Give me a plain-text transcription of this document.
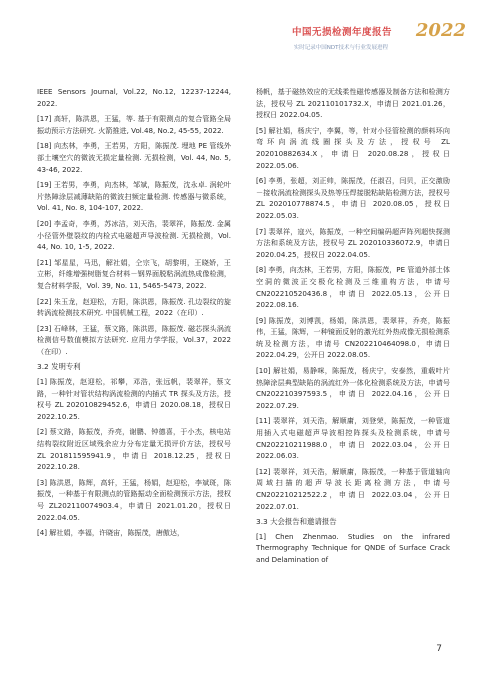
中国无损检测年度报告
实时记录中国NDT技术与行业发展进程
2022

IEEE Sensors Journal, Vol.22, No.12, 12237-12244, 2022.

[17] 高轩，陈洪恩，王猛，等. 基于有限测点的复合管路全局振动预示方法研究. 火箭推进, Vol.48, No.2, 45-55, 2022.

[18] 向杰林，李勇，王若男，方阳，陈振茂. 埋地 PE 管线外部土壤空穴的微波无损定量检测. 无损检测，Vol. 44, No. 5, 43-46, 2022.

[19] 王若男，李勇，向杰林，邹斌，陈振茂，沈永卓. 涡轮叶片热障涂层减薄缺陷的微波扫频定量检测. 传感器与微系统，Vol. 41, No. 8, 104-107, 2022.

[20] 李孟奇，李勇，苏冰洁，刘天浩，裴翠祥，陈振茂. 金属小径管外壁裂纹的内检式电磁超声导波检测. 无损检测，Vol. 44, No. 10, 1-5, 2022.

[21] 邹星星，马迅，解社娟，仝宗飞，胡黎明，王晓娇，王立彬，纤维增强树脂复合材料－钢界面脱粘涡流热成像检测，复合材料学报，Vol. 39, No. 11, 5465-5473, 2022.

[22] 朱玉龙，赵迎松，方阳，陈洪恩，陈振茂. 孔边裂纹的旋转涡流检测技术研究. 中国机械工程，2022（在印）.

[23] 石峰林，王猛，蔡文路，陈洪恩，陈振茂. 磁芯探头涡流检测信号数值模拟方法研究. 应用力学学报，Vol.37，2022（在印）.

3.2 发明专利

[1] 陈振茂，赵迎松，祁攀，邓浩，张远帆，裴翠祥，蔡文路，一种针对管状结构涡流检测的内插式 TR 探头及方法，授权号 ZL 202010829452.6，申请日 2020.08.18，授权日 2022.10.25.

[2] 蔡文路，陈振茂，乔亮，谢鹏、钟德喜，于小杰，核电站结构裂纹附近区域残余应力分布定量无损评价方法，授权号 ZL 201811595941.9，申请日 2018.12.25，授权日 2022.10.28.

[3] 陈洪恩，陈辉，高轩，王猛，杨娟，赵迎松，李斌斑，陈振茂，一种基于有限测点的管路振动全面检测预示方法，授权号 ZL202110074903.4，申请日 2021.01.20，授权日 2022.04.05.

[4] 解社娟，李福，许晓宙，陈振茂，唐傲达，

杨帆，基于磁热效应的无线柔性磁传感器及制备方法和检测方法，授权号 ZL 202110101732.X，申请日 2021.01.26，授权日 2022.04.05.

[5] 解社娟，杨庆宁，李翼，等，针对小径管检测的颜料环向弯环向涡流线圈探头及方法，授权号 ZL 202010882634.X，申请日 2020.08.28，授权日 2022.05.06.

[6] 李勇，张超，刘正帅，陈振茂，任淑召，闫贝，正交激励－接收涡流检测探头及热等压焊接脱粘缺陷检测方法，授权号 ZL 202010778874.5，申请日 2020.08.05，授权日 2022.05.03.

[7] 裴翠祥，寇兴，陈振茂，一种空间编码超声阵列超快探测方法和系统及方法，授权号 ZL 202010336072.9，申请日 2020.04.25，授权日 2022.04.05.

[8] 李勇，向杰林，王若男，方阳，陈振茂，PE 管道外部土体空洞的微波正交极化检测及三维重构方法，申请号 CN202210520436.8，申请日 2022.05.13，公开日 2022.08.16.

[9] 陈振茂，刘博凯，杨娟，陈洪恩，裴翠祥，乔亮，陈振伟，王猛，陈辉，一种镜面反射的激光红外热成像无损检测系统及检测方法，申请号 CN202210464098.0，申请日 2022.04.29，公开日 2022.08.05.

[10] 解社娟，易静咪，陈振茂，杨庆宁，安泰然，重载叶片热障涂层典型缺陷的涡流红外一体化检测系统及方法，申请号 CN202210397593.5，申请日 2022.04.16，公开日 2022.07.29.

[11] 裴翠祥，刘天浩，解顺庸，刘登荣，陈振茂，一种管道用插入式电磁超声导波相控阵探头及检测系统，申请号 CN202210211988.0，申请日 2022.03.04，公开日 2022.06.03.

[12] 裴翠祥，刘天浩，解顺庸，陈振茂，一种基于管道轴向周域扫描的超声导波长距离检测方法，申请号 CN202210212522.2，申请日 2022.03.04，公开日 2022.07.01.

3.3 大会报告和邀请报告

[1] Chen Zhenmao. Studies on the infrared Thermography Technique for QNDE of Surface Crack and Delamination of

7
